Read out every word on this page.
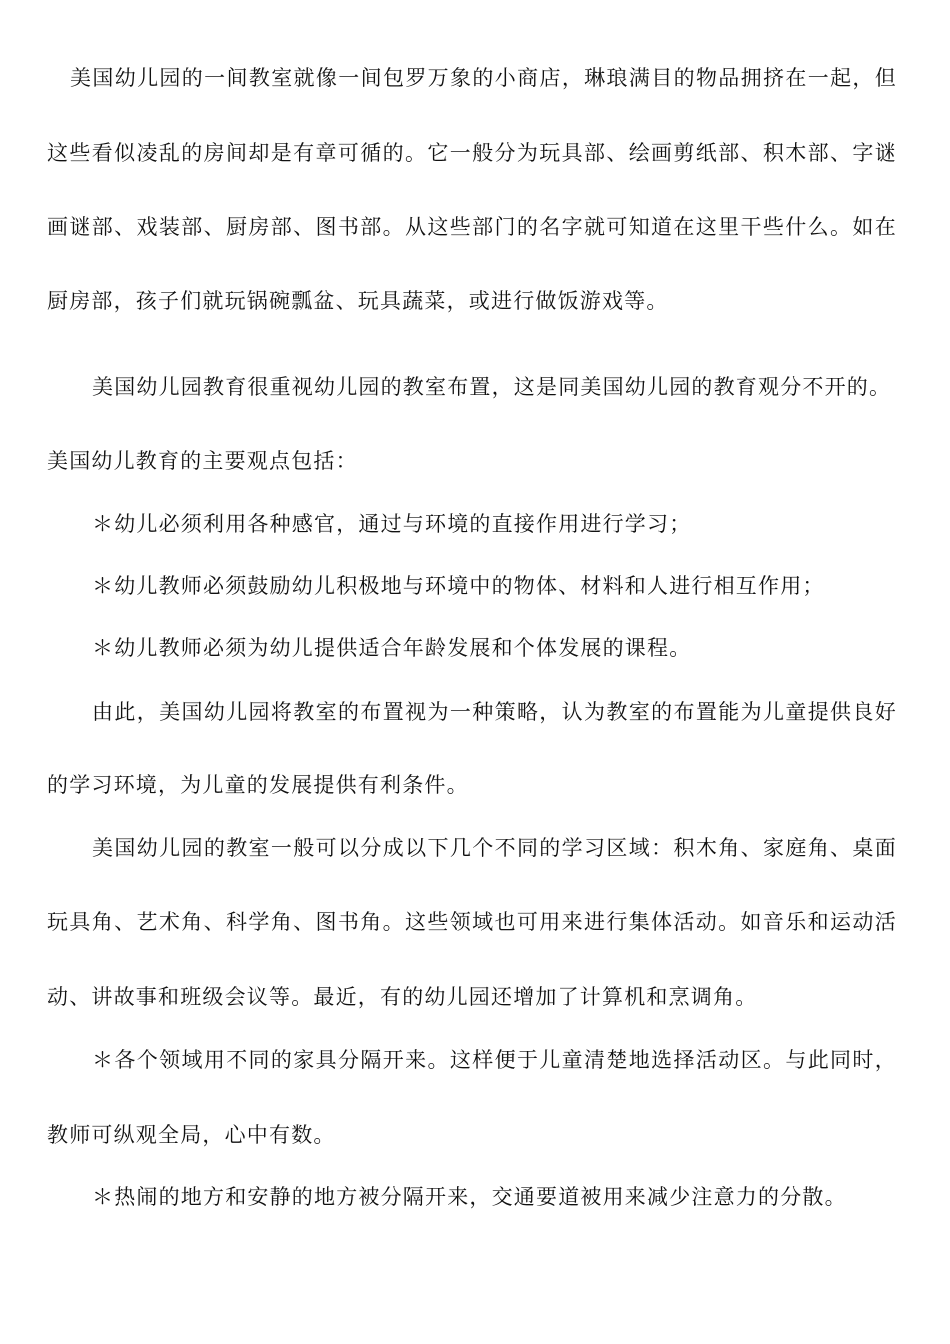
美国幼儿园的一间教室就像一间包罗万象的小商店，琳琅满目的物品拥挤在一起，但
这些看似凌乱的房间却是有章可循的。它一般分为玩具部、绘画剪纸部、积木部、字谜
画谜部、戏装部、厨房部、图书部。从这些部门的名字就可知道在这里干些什么。如在
厨房部，孩子们就玩锅碗瓢盆、玩具蔬菜，或进行做饭游戏等。
美国幼儿园教育很重视幼儿园的教室布置，这是同美国幼儿园的教育观分不开的。
美国幼儿教育的主要观点包括：
＊幼儿必须利用各种感官，通过与环境的直接作用进行学习；
＊幼儿教师必须鼓励幼儿积极地与环境中的物体、材料和人进行相互作用；
＊幼儿教师必须为幼儿提供适合年龄发展和个体发展的课程。
由此，美国幼儿园将教室的布置视为一种策略，认为教室的布置能为儿童提供良好
的学习环境，为儿童的发展提供有利条件。
美国幼儿园的教室一般可以分成以下几个不同的学习区域：积木角、家庭角、桌面
玩具角、艺术角、科学角、图书角。这些领域也可用来进行集体活动。如音乐和运动活
动、讲故事和班级会议等。最近，有的幼儿园还增加了计算机和烹调角。
＊各个领域用不同的家具分隔开来。这样便于儿童清楚地选择活动区。与此同时，
教师可纵观全局，心中有数。
＊热闹的地方和安静的地方被分隔开来，交通要道被用来减少注意力的分散。
